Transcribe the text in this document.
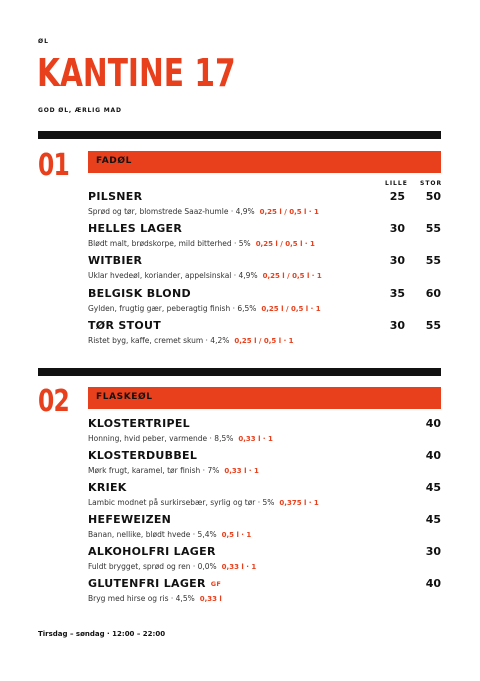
ØL
KANTINE 17
GOD ØL, ÆRLIG MAD
01	FADØL
LILLE STOR
PILSNER	25	50
Sprød og tør, blomstrede Saaz-humle · 4,9% 0,25 l / 0,5 l · 1
HELLES LAGER	30	55
Blødt malt, brødskorpe, mild bitterhed · 5% 0,25 l / 0,5 l · 1
WITBIER	30	55
Uklar hvedeøl, koriander, appelsinskal · 4,9% 0,25 l / 0,5 l · 1
BELGISK BLOND	35	60
Gylden, frugtig gær, peberagtig finish · 6,5% 0,25 l / 0,5 l · 1
TØR STOUT	30	55
Ristet byg, kaffe, cremet skum · 4,2% 0,25 l / 0,5 l · 1
02	FLASKEØL
KLOSTERTRIPEL	40
Honning, hvid peber, varmende · 8,5% 0,33 l · 1
KLOSTERDUBBEL	40
Mørk frugt, karamel, tør finish · 7% 0,33 l · 1
KRIEK	45
Lambic modnet på surkirsebær, syrlig og tør · 5% 0,375 l · 1
HEFEWEIZEN	45
Banan, nellike, blødt hvede · 5,4% 0,5 l · 1
ALKOHOLFRI LAGER	30
Fuldt brygget, sprød og ren · 0,0% 0,33 l · 1
GLUTENFRI LAGER GF	40
Bryg med hirse og ris · 4,5% 0,33 l
Tirsdag – søndag · 12:00 – 22:00
